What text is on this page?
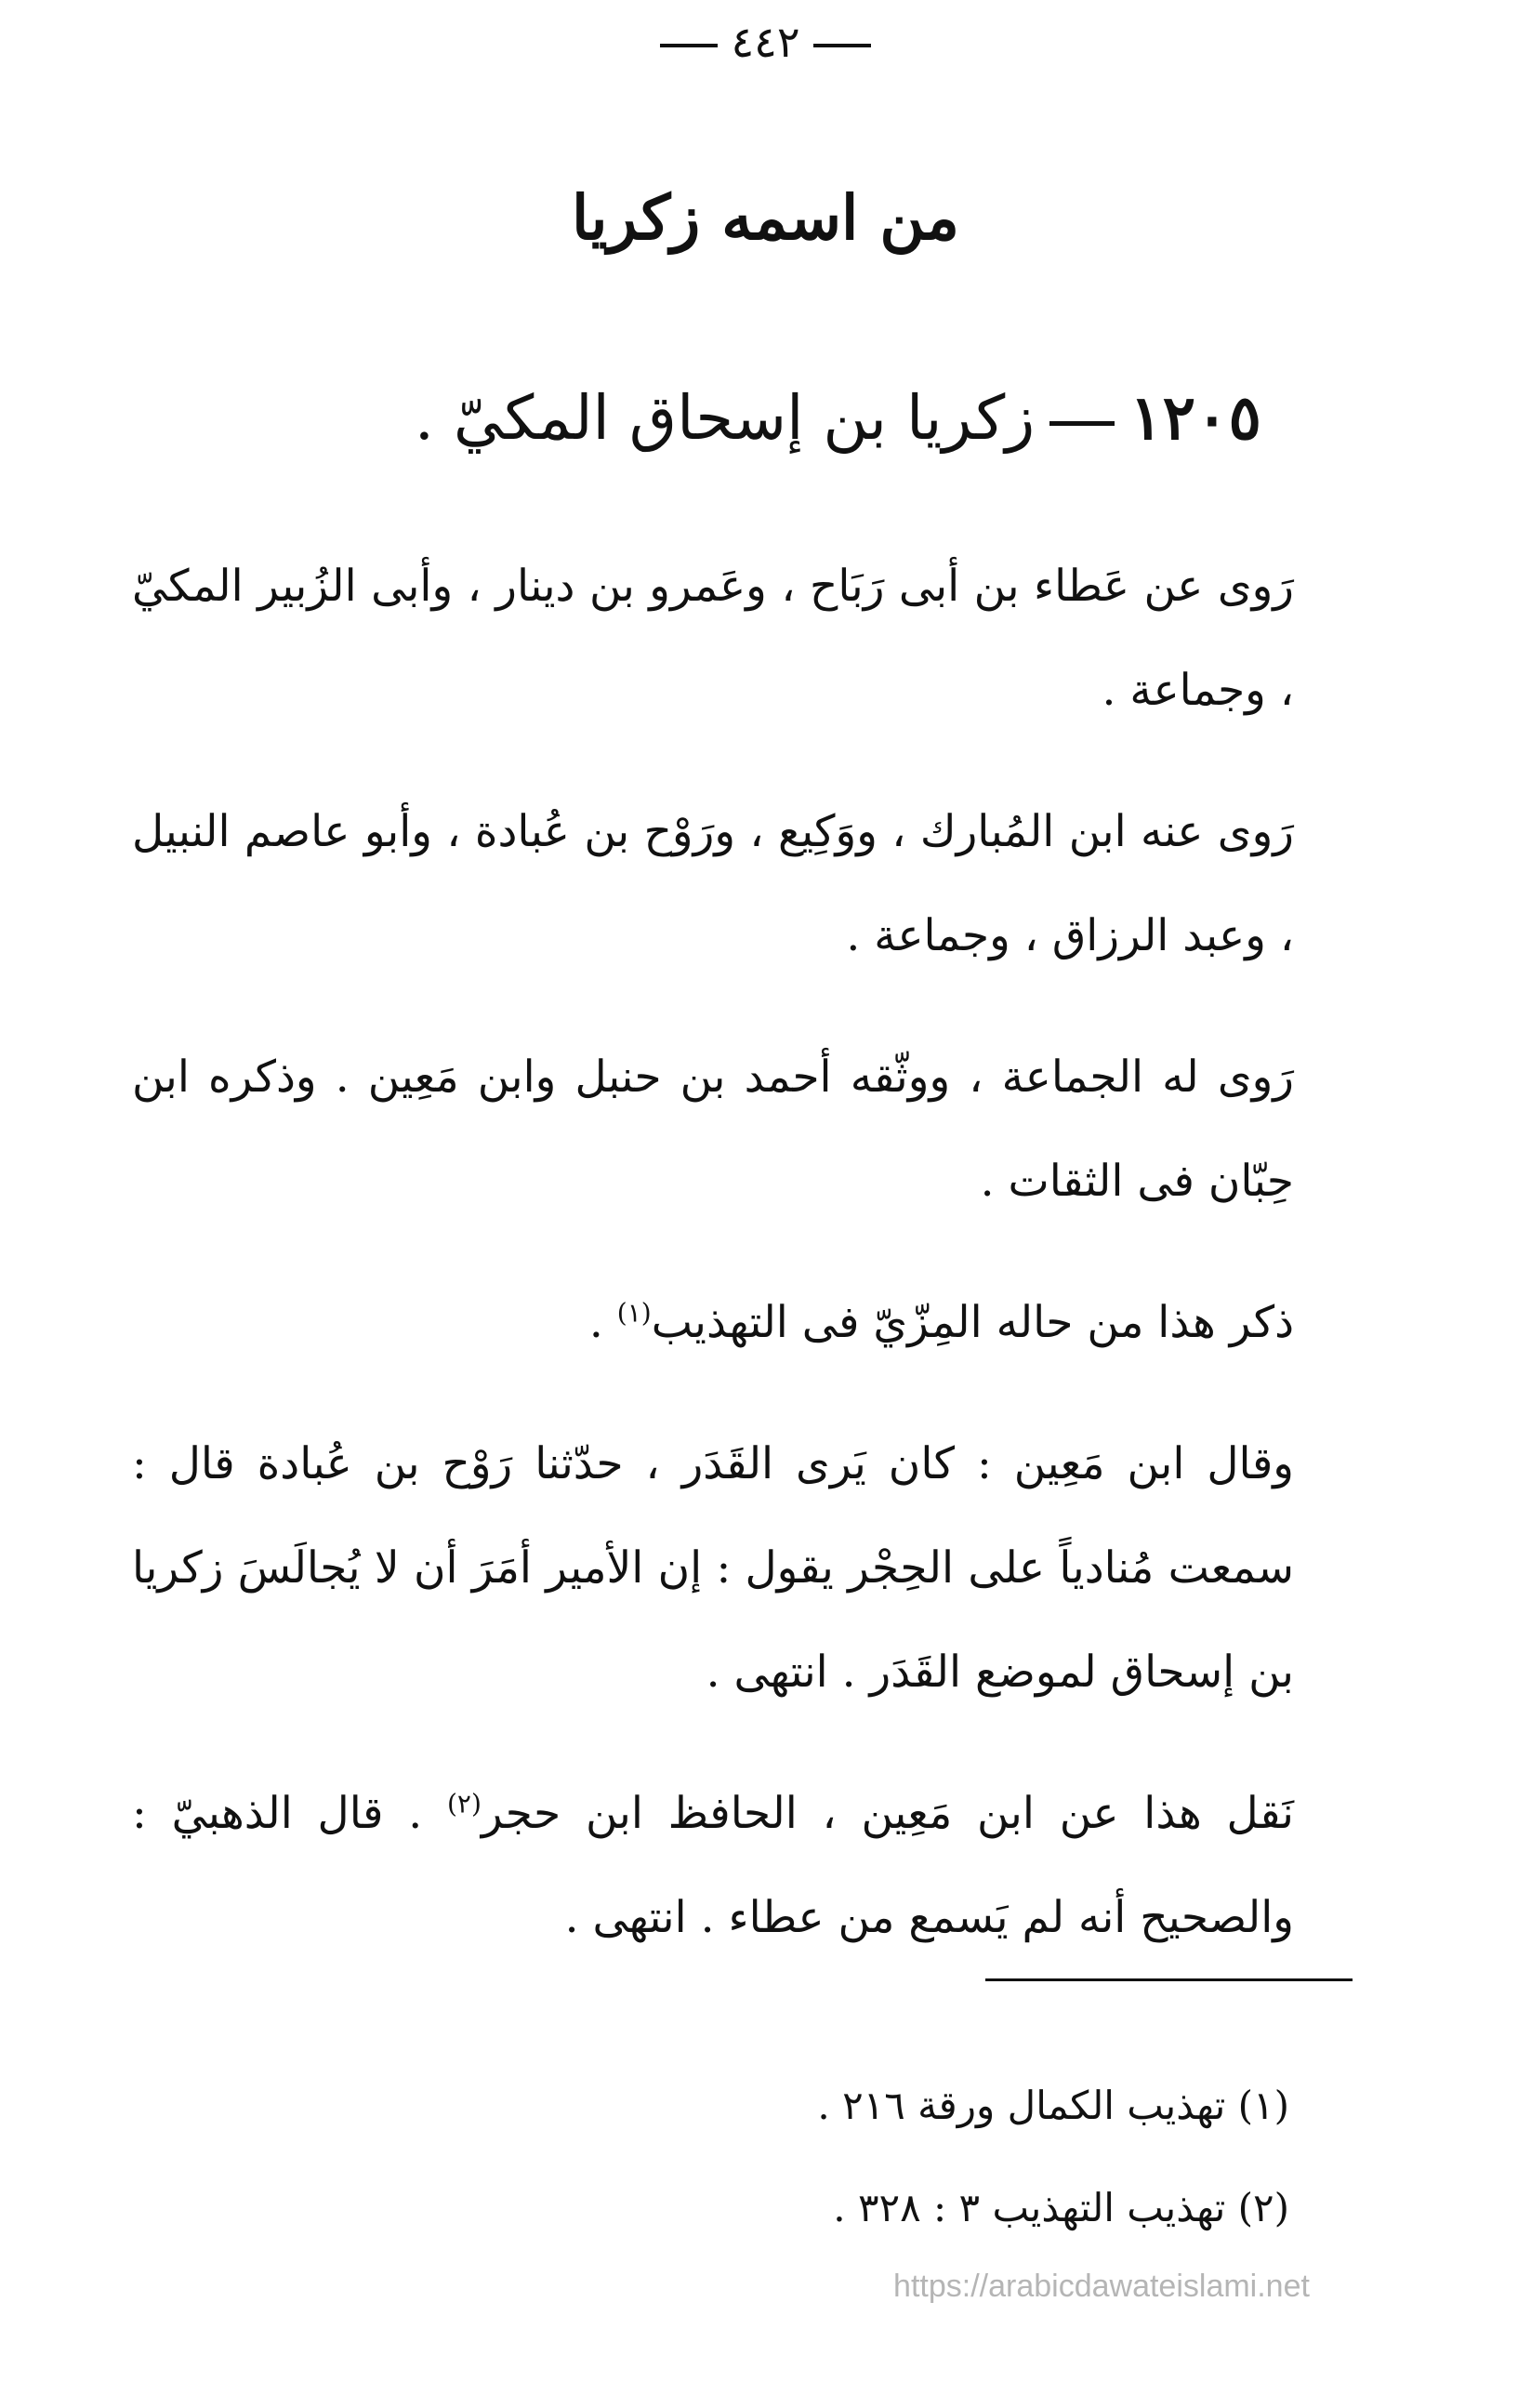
٤٤٢
من اسمه زكريا
١٢٠٥زكريا بن إسحاق المكيّ .

رَوى عن عَطاء بن أبى رَبَاح ، وعَمرو بن دينار ، وأبى الزُبير المكيّ ، وجماعة .

رَوى عنه ابن المُبارك ، ووَكِيع ، ورَوْح بن عُبادة ، وأبو عاصم النبيل ، وعبد الرزاق ، وجماعة .

رَوى له الجماعة ، ووثّقه أحمد بن حنبل وابن مَعِين . وذكره ابن حِبّان فى الثقات .

ذكر هذا من حاله المِزّيّ فى التهذيب$^{(١)}$ .

وقال ابن مَعِين : كان يَرى القَدَر ، حدّثنا رَوْح بن عُبادة قال : سمعت مُنادياً على الحِجْر يقول : إن الأمير أمَرَ أن لا يُجالَسَ زكريا بن إسحاق لموضع القَدَر . انتهى .

نَقل هذا عن ابن مَعِين ، الحافظ ابن حجر$^{(٢)}$ . قال الذهبيّ : والصحيح أنه لم يَسمع من عطاء . انتهى .

(١) تهذيب الكمال ورقة ٢١٦ .

(٢) تهذيب التهذيب ٣ : ٣٢٨ .

https://arabicdawateislami.net
